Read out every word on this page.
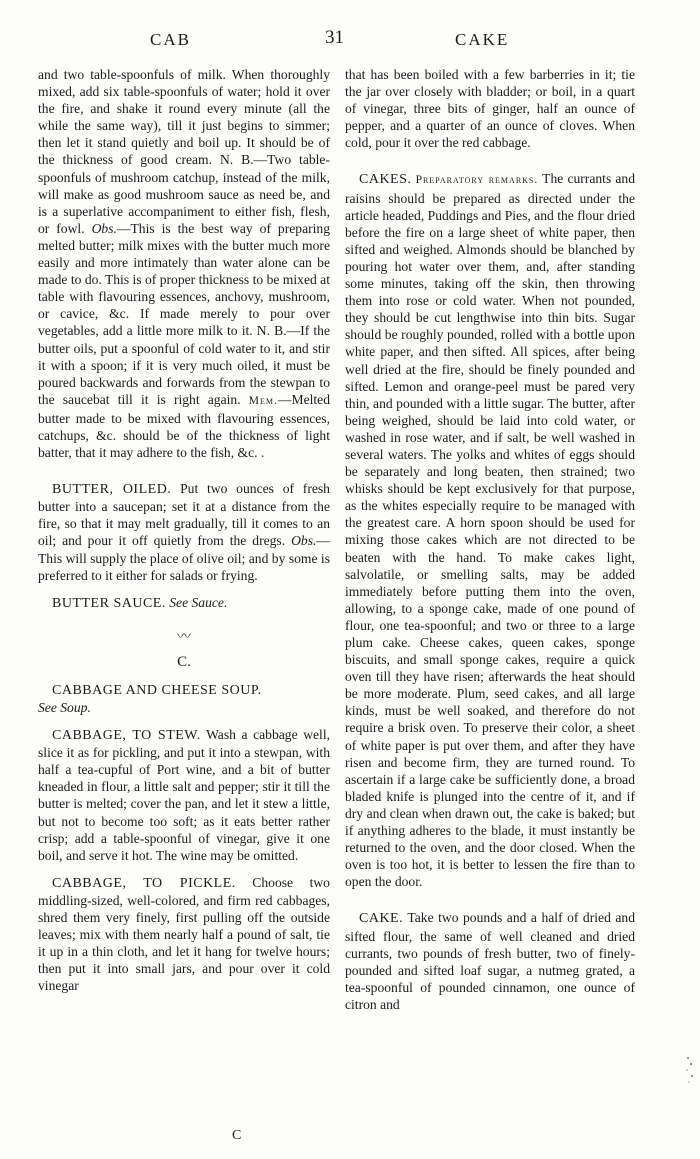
CAB	31	CAKE

and two table-spoonfuls of milk. When thoroughly mixed, add six table-spoonfuls of water; hold it over the fire, and shake it round every minute (all the while the same way), till it just begins to simmer; then let it stand quietly and boil up. It should be of the thickness of good cream. N. B.—Two table-spoonfuls of mushroom catchup, instead of the milk, will make as good mushroom sauce as need be, and is a superlative accompaniment to either fish, flesh, or fowl. Obs.—This is the best way of preparing melted butter; milk mixes with the butter much more easily and more intimately than water alone can be made to do. This is of proper thickness to be mixed at table with flavouring essences, anchovy, mushroom, or cavice, &c. If made merely to pour over vegetables, add a little more milk to it. N. B.—If the butter oils, put a spoonful of cold water to it, and stir it with a spoon; if it is very much oiled, it must be poured backwards and forwards from the stewpan to the saucebat till it is right again. Mem.—Melted butter made to be mixed with flavouring essences, catchups, &c. should be of the thickness of light batter, that it may adhere to the fish, &c. .

BUTTER, OILED. Put two ounces of fresh butter into a saucepan; set it at a distance from the fire, so that it may melt gradually, till it comes to an oil; and pour it off quietly from the dregs. Obs.—This will supply the place of olive oil; and by some is preferred to it either for salads or frying.

BUTTER SAUCE. See Sauce.

〰
C.

CABBAGE AND CHEESE SOUP.
See Soup.

CABBAGE, TO STEW. Wash a cabbage well, slice it as for pickling, and put it into a stewpan, with half a tea-cupful of Port wine, and a bit of butter kneaded in flour, a little salt and pepper; stir it till the butter is melted; cover the pan, and let it stew a little, but not to become too soft; as it eats better rather crisp; add a table-spoonful of vinegar, give it one boil, and serve it hot. The wine may be omitted.

CABBAGE, TO PICKLE. Choose two middling-sized, well-colored, and firm red cabbages, shred them very finely, first pulling off the outside leaves; mix with them nearly half a pound of salt, tie it up in a thin cloth, and let it hang for twelve hours; then put it into small jars, and pour over it cold vinegar

that has been boiled with a few barberries in it; tie the jar over closely with bladder; or boil, in a quart of vinegar, three bits of ginger, half an ounce of pepper, and a quarter of an ounce of cloves. When cold, pour it over the red cabbage.

CAKES. Preparatory remarks. The currants and raisins should be prepared as directed under the article headed, Puddings and Pies, and the flour dried before the fire on a large sheet of white paper, then sifted and weighed. Almonds should be blanched by pouring hot water over them, and, after standing some minutes, taking off the skin, then throwing them into rose or cold water. When not pounded, they should be cut lengthwise into thin bits. Sugar should be roughly pounded, rolled with a bottle upon white paper, and then sifted. All spices, after being well dried at the fire, should be finely pounded and sifted. Lemon and orange-peel must be pared very thin, and pounded with a little sugar. The butter, after being weighed, should be laid into cold water, or washed in rose water, and if salt, be well washed in several waters. The yolks and whites of eggs should be separately and long beaten, then strained; two whisks should be kept exclusively for that purpose, as the whites especially require to be managed with the greatest care. A horn spoon should be used for mixing those cakes which are not directed to be beaten with the hand. To make cakes light, salvolatile, or smelling salts, may be added immediately before putting them into the oven, allowing, to a sponge cake, made of one pound of flour, one tea-spoonful; and two or three to a large plum cake. Cheese cakes, queen cakes, sponge biscuits, and small sponge cakes, require a quick oven till they have risen; afterwards the heat should be more moderate. Plum, seed cakes, and all large kinds, must be well soaked, and therefore do not require a brisk oven. To preserve their color, a sheet of white paper is put over them, and after they have risen and become firm, they are turned round. To ascertain if a large cake be sufficiently done, a broad bladed knife is plunged into the centre of it, and if dry and clean when drawn out, the cake is baked; but if anything adheres to the blade, it must instantly be returned to the oven, and the door closed. When the oven is too hot, it is better to lessen the fire than to open the door.

CAKE. Take two pounds and a half of dried and sifted flour, the same of well cleaned and dried currants, two pounds of fresh butter, two of finely-pounded and sifted loaf sugar, a nutmeg grated, a tea-spoonful of pounded cinnamon, one ounce of citron and

C
